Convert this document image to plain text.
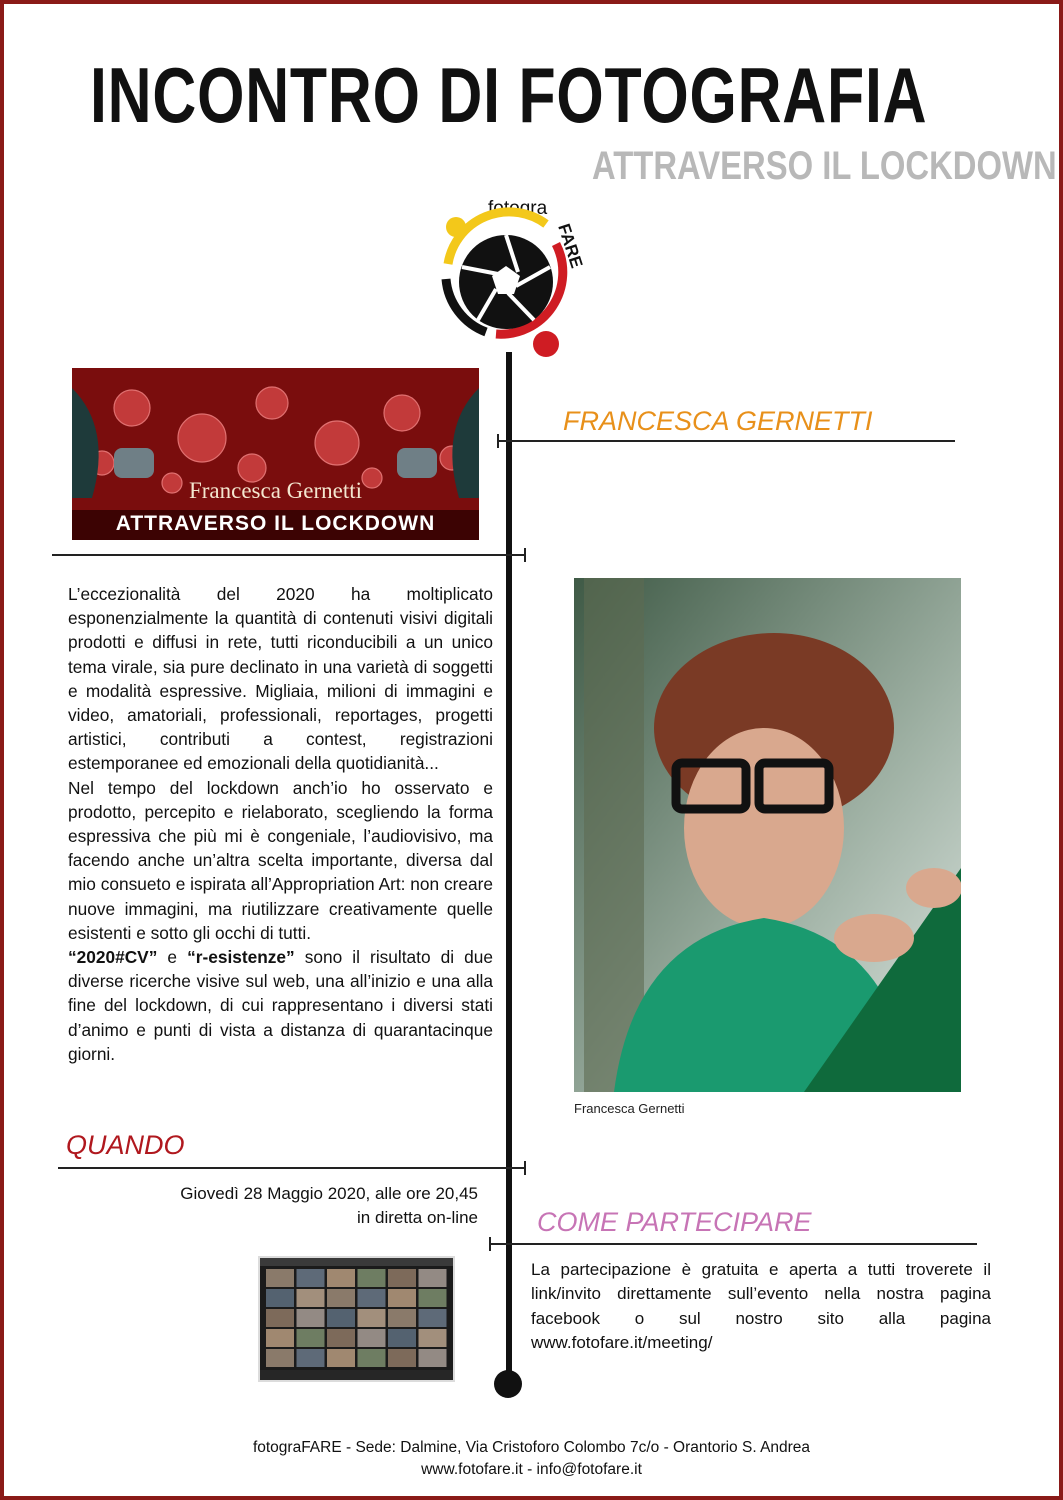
INCONTRO DI FOTOGRAFIA
ATTRAVERSO IL LOCKDOWN
fotogra
FARE
FRANCESCA GERNETTI
Francesca Gernetti
ATTRAVERSO IL LOCKDOWN

L’eccezionalità del 2020 ha moltiplicato esponenzialmente la quantità di contenuti visivi digitali prodotti e diffusi in rete, tutti riconducibili a un unico tema virale, sia pure declinato in una varietà di soggetti e modalità espressive. Migliaia, milioni di immagini e video, amatoriali, professionali, reportages, progetti artistici, contributi a contest, registrazioni estemporanee ed emozionali della quotidianità...

Nel tempo del lockdown anch’io ho osservato e prodotto, percepito e rielaborato, scegliendo la forma espressiva che più mi è congeniale, l’audiovisivo, ma facendo anche un’altra scelta importante, diversa dal mio consueto e ispirata all’Appropriation Art: non creare nuove immagini, ma riutilizzare creativamente quelle esistenti e sotto gli occhi di tutti.

“2020#CV” e “r-esistenze” sono il risultato di due diverse ricerche visive sul web, una all’inizio e una alla fine del lockdown, di cui rappresentano i diversi stati d’animo e punti di vista a distanza di quarantacinque giorni.

Francesca Gernetti
QUANDO
Giovedì 28 Maggio 2020, alle ore 20,45
in diretta on-line COME PARTECIPARE
La partecipazione è gratuita e aperta a tutti troverete il link/invito direttamente sull’evento nella nostra pagina facebook o sul nostro sito alla pagina www.fotofare.it/meeting/
fotograFARE - Sede: Dalmine, Via Cristoforo Colombo 7c/o - Orantorio S. Andrea
www.fotofare.it - info@fotofare.it
